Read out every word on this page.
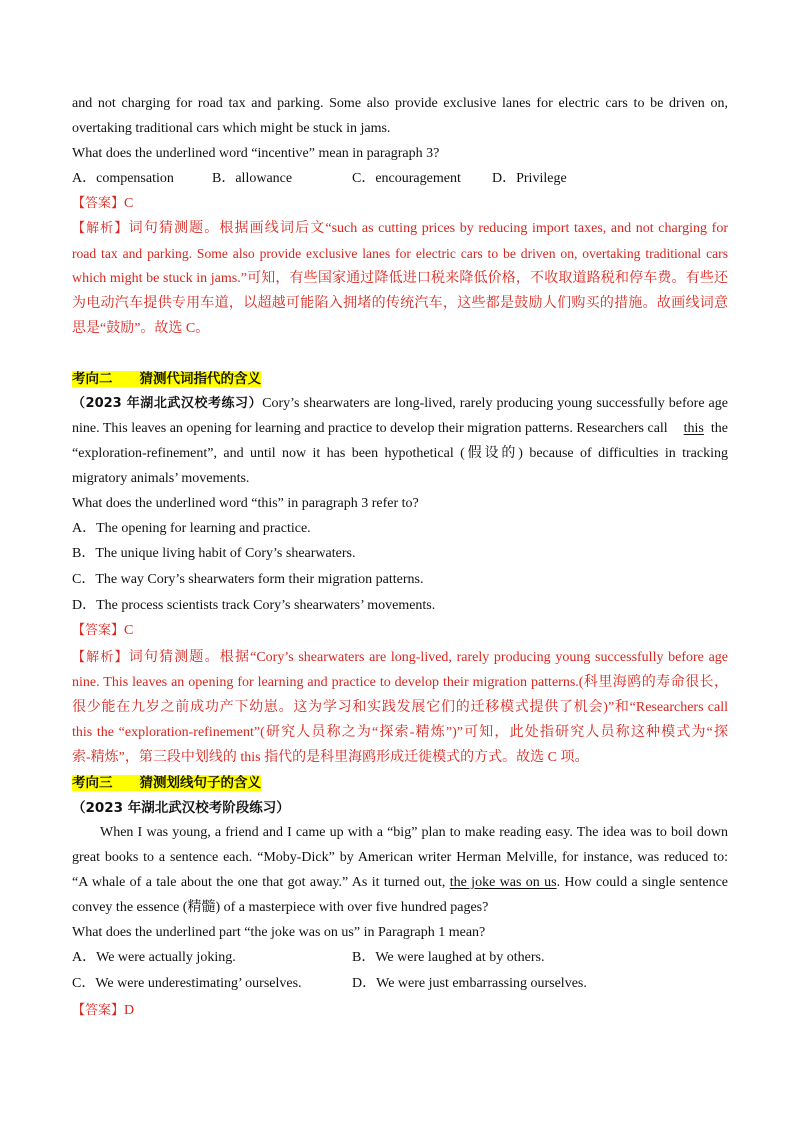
and not charging for road tax and parking. Some also provide exclusive lanes for electric cars to be driven on,
overtaking traditional cars which might be stuck in jams.
What does the underlined word “incentive” mean in paragraph 3?
A．compensation	B．allowance	C．encouragement D．Privilege
【答案】C
【解析】词句猜测题。根据画线词后文“such as cutting prices by reducing import taxes, and not charging for
road tax and parking. Some also provide exclusive lanes for electric cars to be driven on, overtaking traditional cars
which might be stuck in jams.”可知，有些国家通过降低进口税来降低价格，不收取道路税和停车费。有些还
为电动汽车提供专用车道，以超越可能陷入拥堵的传统汽车，这些都是鼓励人们购买的措施。故画线词意
思是“鼓励”。故选 C。
考向二　　猜测代词指代的含义
（2023 年湖北武汉校考练习）Cory’s shearwaters are long-lived, rarely producing young successfully before age
nine. This leaves an opening for learning and practice to develop their migration patterns. Researchers call	this the
“exploration-refinement”, and until now it has been hypothetical (假设的) because of difficulties in tracking
migratory animals’ movements.
What does the underlined word “this” in paragraph 3 refer to?
A．The opening for learning and practice.
B．The unique living habit of Cory’s shearwaters.
C．The way Cory’s shearwaters form their migration patterns.
D．The process scientists track Cory’s shearwaters’ movements.
【答案】C
【解析】词句猜测题。根据“Cory’s shearwaters are long-lived, rarely producing young successfully before age
nine. This leaves an opening for learning and practice to develop their migration patterns.(科里海鸥的寿命很长，
很少能在九岁之前成功产下幼崽。这为学习和实践发展它们的迁移模式提供了机会)”和“Researchers call
this the “exploration-refinement”(研究人员称之为“探索-精炼”)”可知，此处指研究人员称这种模式为“探
索-精炼”，第三段中划线的 this 指代的是科里海鸥形成迁徙模式的方式。故选 C 项。
考向三　　猜测划线句子的含义
（2023 年湖北武汉校考阶段练习）
When I was young, a friend and I came up with a “big” plan to make reading easy. The idea was to boil down
great books to a sentence each. “Moby-Dick” by American writer Herman Melville, for instance, was reduced to:
“A whale of a tale about the one that got away.” As it turned out, the joke was on us. How could a single sentence
convey the essence (精髓) of a masterpiece with over five hundred pages?
What does the underlined part “the joke was on us” in Paragraph 1 mean?
A．We were actually joking.	B．We were laughed at by others.
C．We were underestimating’ ourselves.	D．We were just embarrassing ourselves.
【答案】D
